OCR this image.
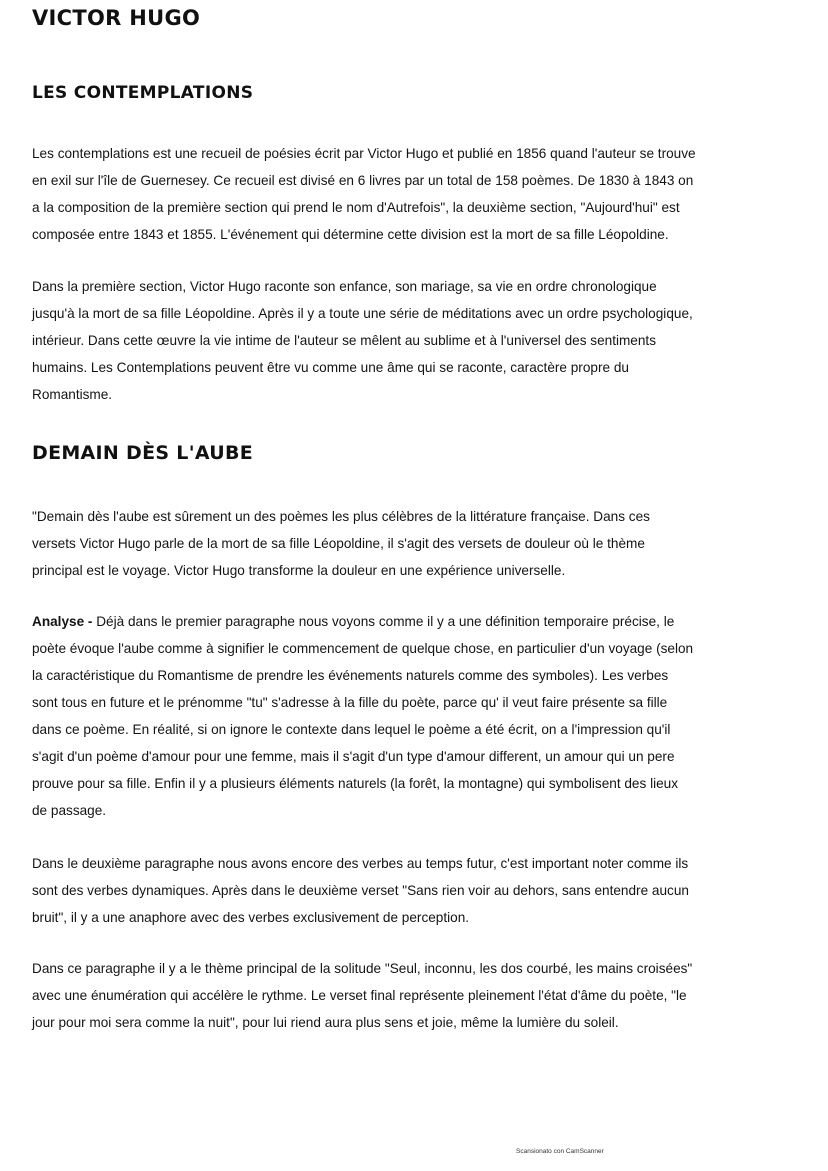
VICTOR HUGO
LES CONTEMPLATIONS

Les contemplations est une recueil de poésies écrit par Victor Hugo et publié en 1856 quand l'auteur se trouve
en exil sur l'île de Guernesey. Ce recueil est divisé en 6 livres par un total de 158 poèmes. De 1830 à 1843 on
a la composition de la première section qui prend le nom d'Autrefois", la deuxième section, "Aujourd'hui" est
composée entre 1843 et 1855. L'événement qui détermine cette division est la mort de sa fille Léopoldine.

Dans la première section, Victor Hugo raconte son enfance, son mariage, sa vie en ordre chronologique
jusqu'à la mort de sa fille Léopoldine. Après il y a toute une série de méditations avec un ordre psychologique,
intérieur. Dans cette œuvre la vie intime de l'auteur se mêlent au sublime et à l'universel des sentiments
humains. Les Contemplations peuvent être vu comme une âme qui se raconte, caractère propre du
Romantisme.

DEMAIN DÈS L'AUBE

"Demain dès l'aube est sûrement un des poèmes les plus célèbres de la littérature française. Dans ces
versets Victor Hugo parle de la mort de sa fille Léopoldine, il s'agit des versets de douleur où le thème
principal est le voyage. Victor Hugo transforme la douleur en une expérience universelle.

Analyse - Déjà dans le premier paragraphe nous voyons comme il y a une définition temporaire précise, le
poète évoque l'aube comme à signifier le commencement de quelque chose, en particulier d'un voyage (selon
la caractéristique du Romantisme de prendre les événements naturels comme des symboles). Les verbes
sont tous en future et le prénomme "tu" s'adresse à la fille du poète, parce qu' il veut faire présente sa fille
dans ce poème. En réalité, si on ignore le contexte dans lequel le poème a été écrit, on a l'impression qu'il
s'agit d'un poème d'amour pour une femme, mais il s'agit d'un type d'amour different, un amour qui un pere
prouve pour sa fille. Enfin il y a plusieurs éléments naturels (la forêt, la montagne) qui symbolisent des lieux
de passage.

Dans le deuxième paragraphe nous avons encore des verbes au temps futur, c'est important noter comme ils
sont des verbes dynamiques. Après dans le deuxième verset "Sans rien voir au dehors, sans entendre aucun
bruit", il y a une anaphore avec des verbes exclusivement de perception.

Dans ce paragraphe il y a le thème principal de la solitude "Seul, inconnu, les dos courbé, les mains croisées"
avec une énumération qui accélère le rythme. Le verset final représente pleinement l'état d'âme du poète, "le
jour pour moi sera comme la nuit", pour lui riend aura plus sens et joie, même la lumière du soleil.

Scansionato con CamScanner
